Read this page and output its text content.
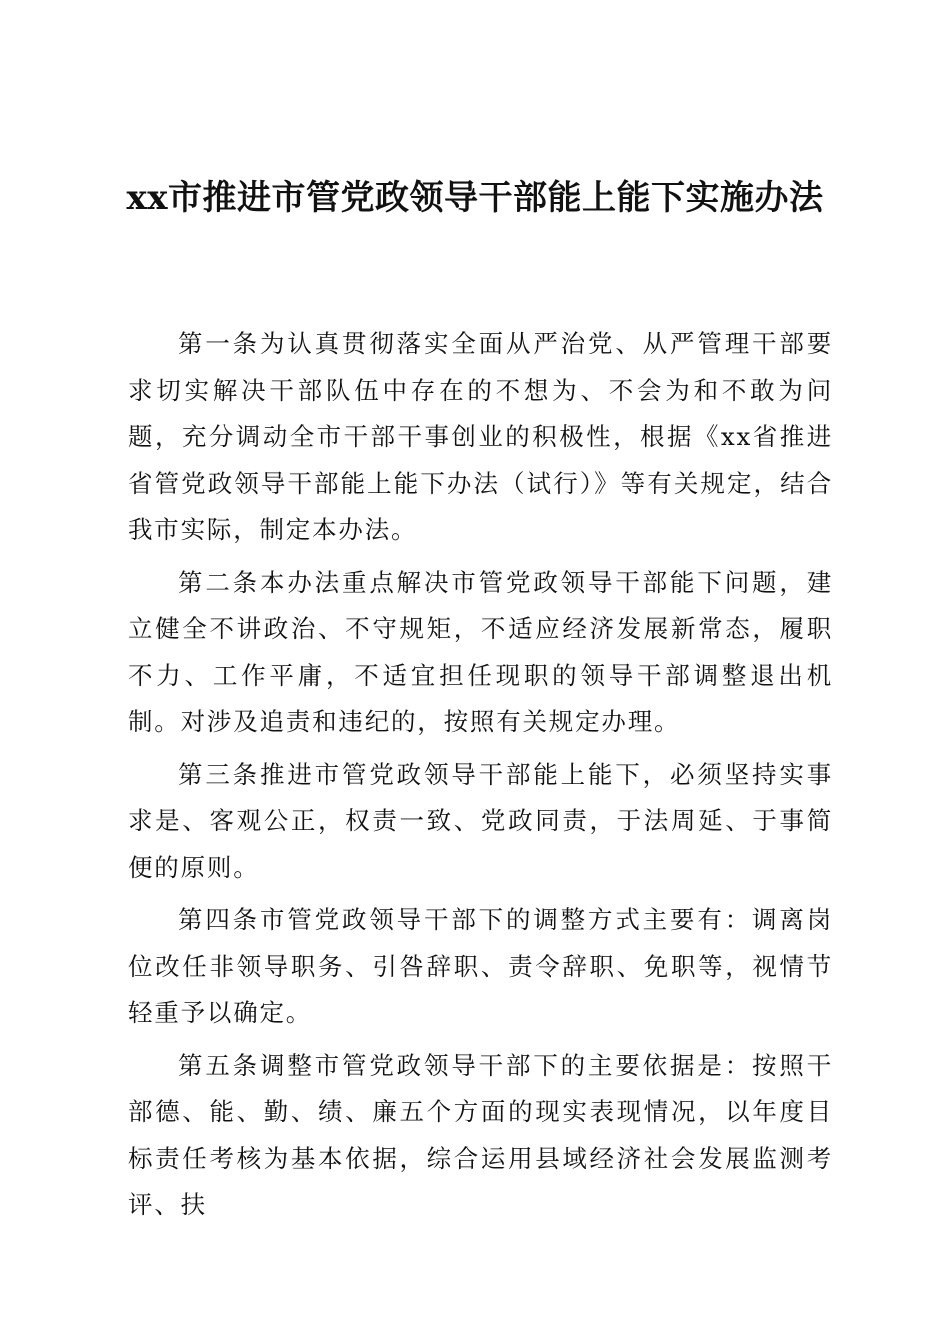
xx市推进市管党政领导干部能上能下实施办法

第一条为认真贯彻落实全面从严治党、从严管理干部要求切实解决干部队伍中存在的不想为、不会为和不敢为问题，充分调动全市干部干事创业的积极性，根据《xx省推进省管党政领导干部能上能下办法（试行）》等有关规定，结合我市实际，制定本办法。

第二条本办法重点解决市管党政领导干部能下问题，建立健全不讲政治、不守规矩，不适应经济发展新常态，履职不力、工作平庸，不适宜担任现职的领导干部调整退出机制。对涉及追责和违纪的，按照有关规定办理。

第三条推进市管党政领导干部能上能下，必须坚持实事求是、客观公正，权责一致、党政同责，于法周延、于事简便的原则。

第四条市管党政领导干部下的调整方式主要有：调离岗位改任非领导职务、引咎辞职、责令辞职、免职等，视情节轻重予以确定。

第五条调整市管党政领导干部下的主要依据是：按照干部德、能、勤、绩、廉五个方面的现实表现情况，以年度目标责任考核为基本依据，综合运用县域经济社会发展监测考评、扶
